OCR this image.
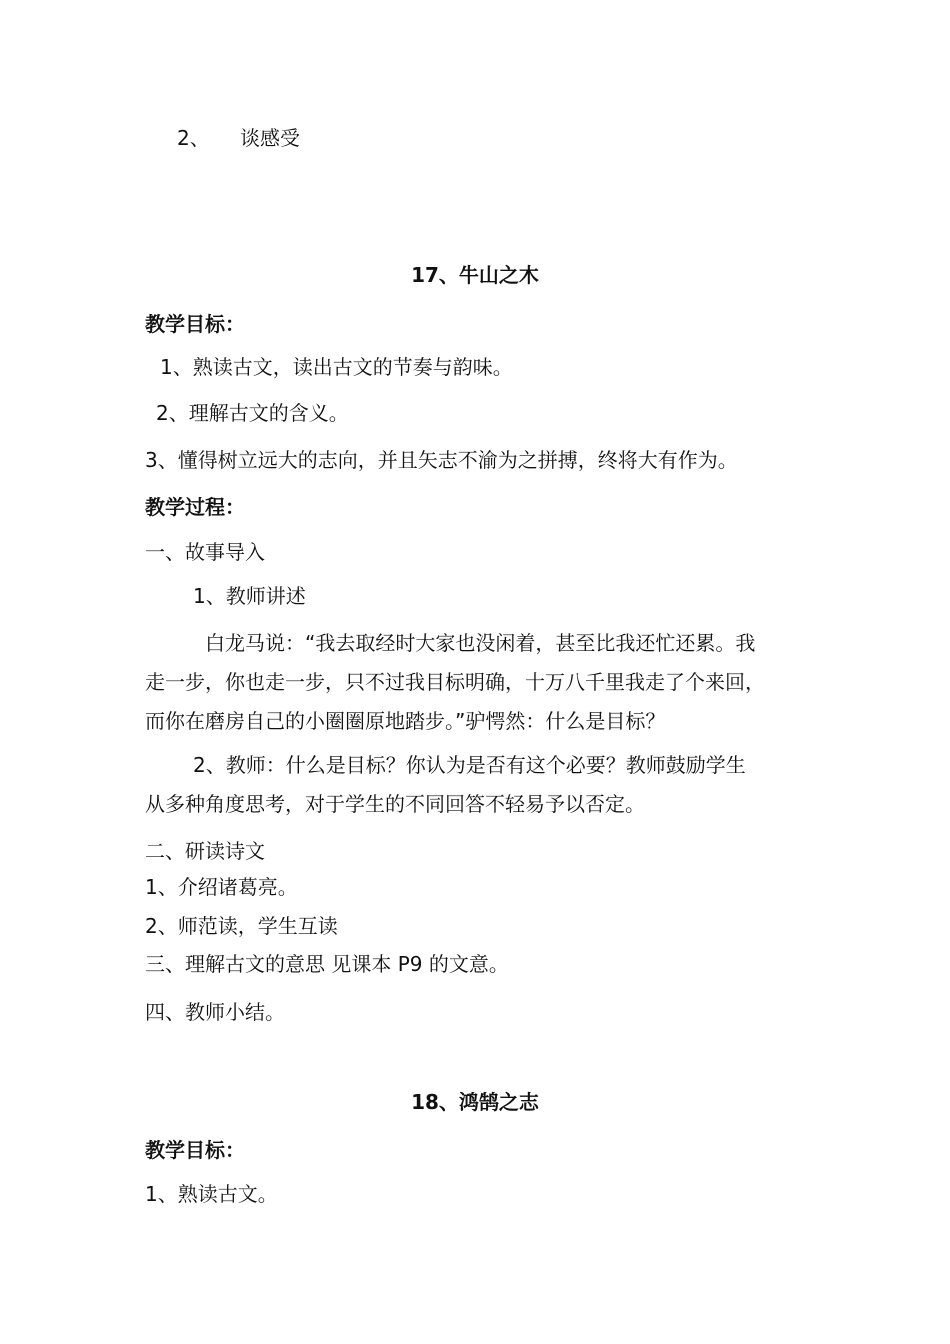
2、 谈感受
17、牛山之木
教学目标：
1、熟读古文，读出古文的节奏与韵味。
2、理解古文的含义。
3、懂得树立远大的志向，并且矢志不渝为之拼搏，终将大有作为。
教学过程：
一、故事导入
1、教师讲述
白龙马说：“我去取经时大家也没闲着，甚至比我还忙还累。我
走一步，你也走一步，只不过我目标明确，十万八千里我走了个来回，
而你在磨房自己的小圈圈原地踏步。”驴愕然：什么是目标？
2、教师：什么是目标？你认为是否有这个必要？教师鼓励学生
从多种角度思考，对于学生的不同回答不轻易予以否定。
二、研读诗文
1、介绍诸葛亮。
2、师范读，学生互读
三、理解古文的意思 见课本 P9 的文意。
四、教师小结。
18、鸿鹄之志
教学目标：
1、熟读古文。
